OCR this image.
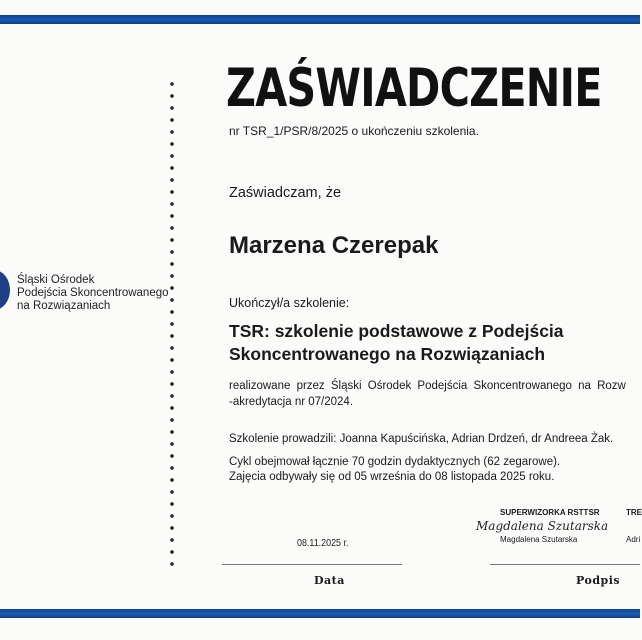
Śląski Ośrodek
Podejścia Skoncentrowanego
na Rozwiązaniach
ZAŚWIADCZENIE
nr TSR_1/PSR/8/2025 o ukończeniu szkolenia.
Zaświadczam, że
Marzena Czerepak
Ukończył/a szkolenie:
TSR: szkolenie podstawowe z Podejścia
Skoncentrowanego na Rozwiązaniach
realizowane przez Śląski Ośrodek Podejścia Skoncentrowanego na Rozw
-akredytacja nr 07/2024.
Szkolenie prowadzili: Joanna Kapuścińska, Adrian Drdzeń, dr Andreea Żak.
Cykl obejmował łącznie 70 godzin dydaktycznych (62 zegarowe).
Zajęcia odbywały się od 05 września do 08 listopada 2025 roku.
08.11.2025 r.
SUPERWIZORKA RSTTSR
Magdalena Szutarska
Magdalena Szutarska
TRE
Adri
Data	Podpis
